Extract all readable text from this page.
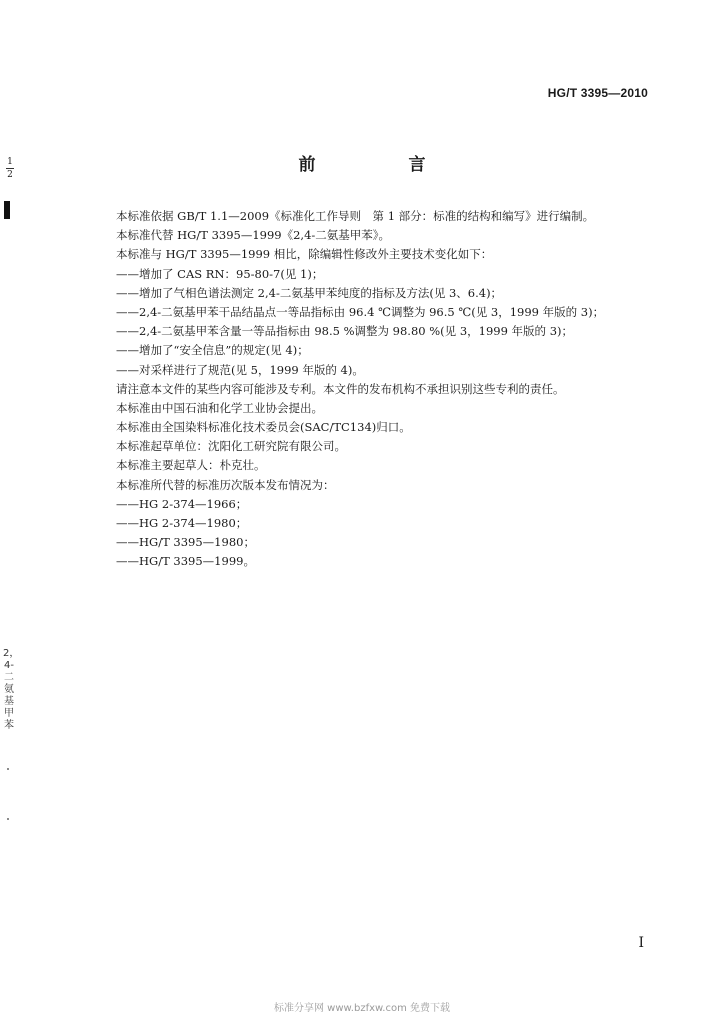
HG/T 3395—2010
1
2	前　言
本标准依据 GB/T 1.1—2009《标准化工作导则　第 1 部分：标准的结构和编写》进行编制。
本标准代替 HG/T 3395—1999《2,4-二氨基甲苯》。
本标准与 HG/T 3395—1999 相比，除编辑性修改外主要技术变化如下：
——增加了 CAS RN：95-80-7(见 1)；
——增加了气相色谱法测定 2,4-二氨基甲苯纯度的指标及方法(见 3、6.4)；
——2,4-二氨基甲苯干品结晶点一等品指标由 96.4 ℃调整为 96.5 ℃(见 3，1999 年版的 3)；
——2,4-二氨基甲苯含量一等品指标由 98.5 %调整为 98.80 %(见 3，1999 年版的 3)；
——增加了“安全信息”的规定(见 4)；
——对采样进行了规范(见 5，1999 年版的 4)。
请注意本文件的某些内容可能涉及专利。本文件的发布机构不承担识别这些专利的责任。
本标准由中国石油和化学工业协会提出。
本标准由全国染料标准化技术委员会(SAC/TC134)归口。
本标准起草单位：沈阳化工研究院有限公司。
本标准主要起草人：朴克壮。
本标准所代替的标准历次版本发布情况为：
——HG 2-374—1966；
——HG 2-374—1980；
——HG/T 3395—1980；
——HG/T 3395—1999。
2，4-二氨基甲苯
I
标准分享网 www.bzfxw.com 免费下载
